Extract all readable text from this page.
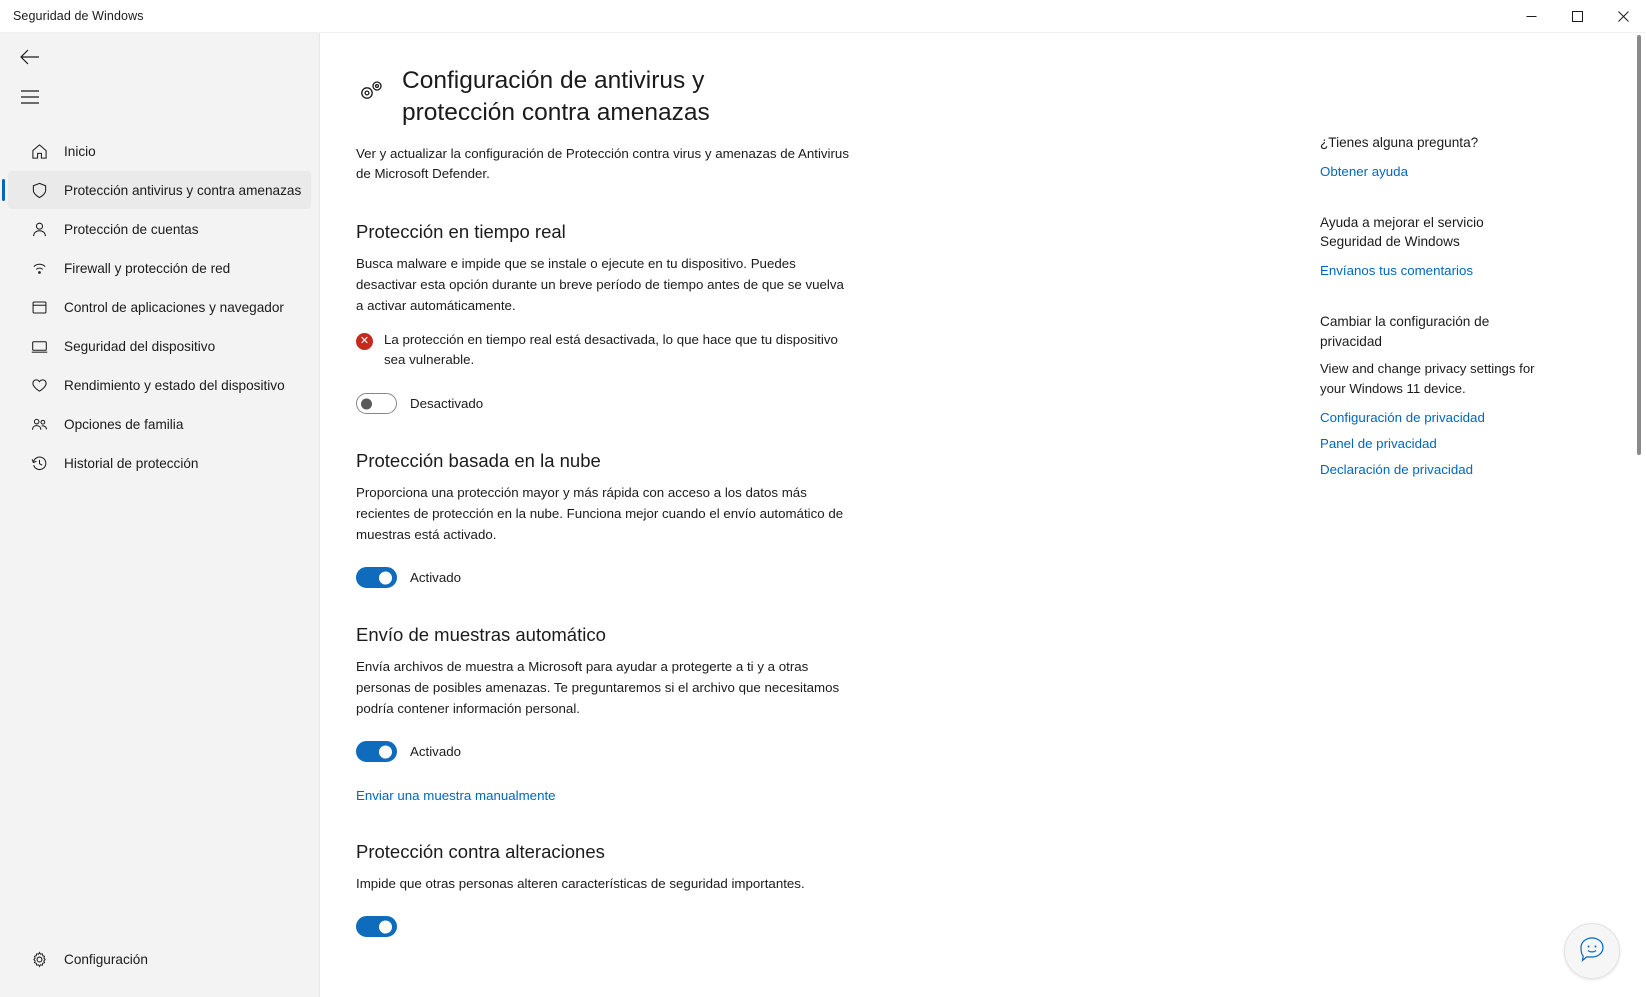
Seguridad de Windows
Inicio
Protección antivirus y contra amenazas
Protección de cuentas
Firewall y protección de red
Control de aplicaciones y navegador
Seguridad del dispositivo
Rendimiento y estado del dispositivo
Opciones de familia
Historial de protección
Configuración
Configuración de antivirus y protección contra amenazas

Ver y actualizar la configuración de Protección contra virus y amenazas de Antivirus de Microsoft Defender.

Protección en tiempo real

Busca malware e impide que se instale o ejecute en tu dispositivo. Puedes desactivar esta opción durante un breve período de tiempo antes de que se vuelva a activar automáticamente.

✕ La protección en tiempo real está desactivada, lo que hace que tu dispositivo sea vulnerable.
Desactivado
Protección basada en la nube

Proporciona una protección mayor y más rápida con acceso a los datos más recientes de protección en la nube. Funciona mejor cuando el envío automático de muestras está activado.

Activado
Envío de muestras automático

Envía archivos de muestra a Microsoft para ayudar a protegerte a ti y a otras personas de posibles amenazas. Te preguntaremos si el archivo que necesitamos podría contener información personal.

Activado
Enviar una muestra manualmente
Protección contra alteraciones

Impide que otras personas alteren características de seguridad importantes.

¿Tienes alguna pregunta?
Obtener ayuda
Ayuda a mejorar el servicio Seguridad de Windows
Envíanos tus comentarios
Cambiar la configuración de privacidad

View and change privacy settings for your Windows 11 device.

Configuración de privacidad
Panel de privacidad
Declaración de privacidad
